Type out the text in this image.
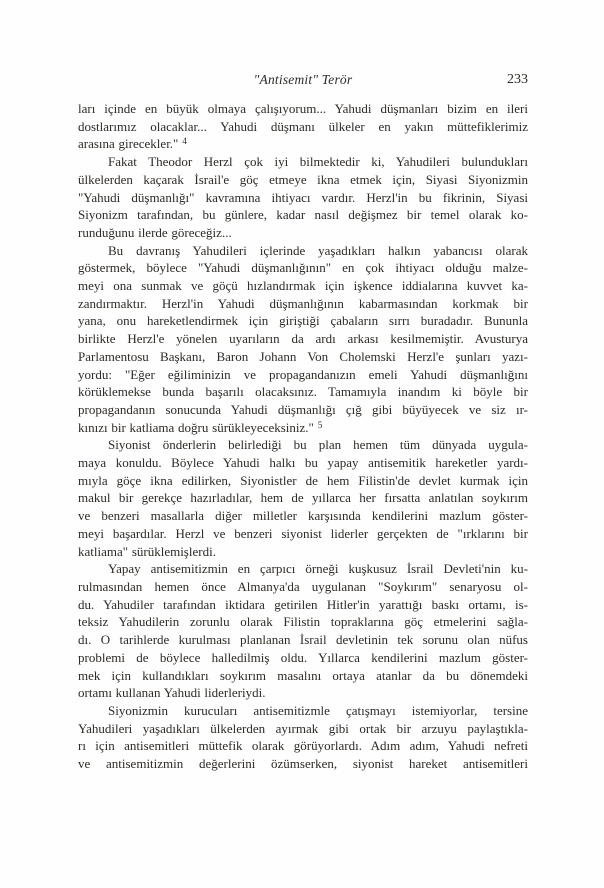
"Antisemit" Terör	233
ları içinde en büyük olmaya çalışıyorum... Yahudi düşmanları bizim en ileri
dostlarımız olacaklar... Yahudi düşmanı ülkeler en yakın müttefiklerimiz
arasına girecekler." $^4$
Fakat Theodor Herzl çok iyi bilmektedir ki, Yahudileri bulundukları
ülkelerden kaçarak İsrail'e göç etmeye ikna etmek için, Siyasi Siyonizmin
"Yahudi düşmanlığı" kavramına ihtiyacı vardır. Herzl'in bu fikrinin, Siyasi
Siyonizm tarafından, bu günlere, kadar nasıl değişmez bir temel olarak ko-
runduğunu ilerde göreceğiz...
Bu davranış Yahudileri içlerinde yaşadıkları halkın yabancısı olarak
göstermek, böylece "Yahudi düşmanlığının" en çok ihtiyacı olduğu malze-
meyi ona sunmak ve göçü hızlandırmak için işkence iddialarına kuvvet ka-
zandırmaktır. Herzl'in Yahudi düşmanlığının kabarmasından korkmak bir
yana, onu hareketlendirmek için giriştiği çabaların sırrı buradadır. Bununla
birlikte Herzl'e yönelen uyarıların da ardı arkası kesilmemiştir. Avusturya
Parlamentosu Başkanı, Baron Johann Von Cholemski Herzl'e şunları yazı-
yordu: "Eğer eğiliminizin ve propagandanızın emeli Yahudi düşmanlığını
körüklemekse bunda başarılı olacaksınız. Tamamıyla inandım ki böyle bir
propagandanın sonucunda Yahudi düşmanlığı çığ gibi büyüyecek ve siz ır-
kınızı bir katliama doğru sürükleyeceksiniz." $^5$
Siyonist önderlerin belirlediği bu plan hemen tüm dünyada uygula-
maya konuldu. Böylece Yahudi halkı bu yapay antisemitik hareketler yardı-
mıyla göçe ikna edilirken, Siyonistler de hem Filistin'de devlet kurmak için
makul bir gerekçe hazırladılar, hem de yıllarca her fırsatta anlatılan soykırım
ve benzeri masallarla diğer milletler karşısında kendilerini mazlum göster-
meyi başardılar. Herzl ve benzeri siyonist liderler gerçekten de "ırklarını bir
katliama" sürüklemişlerdi.
Yapay antisemitizmin en çarpıcı örneği kuşkusuz İsrail Devleti'nin ku-
rulmasından hemen önce Almanya'da uygulanan "Soykırım" senaryosu ol-
du. Yahudiler tarafından iktidara getirilen Hitler'in yarattığı baskı ortamı, is-
teksiz Yahudilerin zorunlu olarak Filistin topraklarına göç etmelerini sağla-
dı. O tarihlerde kurulması planlanan İsrail devletinin tek sorunu olan nüfus
problemi de böylece halledilmiş oldu. Yıllarca kendilerini mazlum göster-
mek için kullandıkları soykırım masalını ortaya atanlar da bu dönemdeki
ortamı kullanan Yahudi liderleriydi.
Siyonizmin kurucuları antisemitizmle çatışmayı istemiyorlar, tersine
Yahudileri yaşadıkları ülkelerden ayırmak gibi ortak bir arzuyu paylaştıkla-
rı için antisemitleri müttefik olarak görüyorlardı. Adım adım, Yahudi nefreti
ve antisemitizmin değerlerini özümserken, siyonist hareket antisemitleri
